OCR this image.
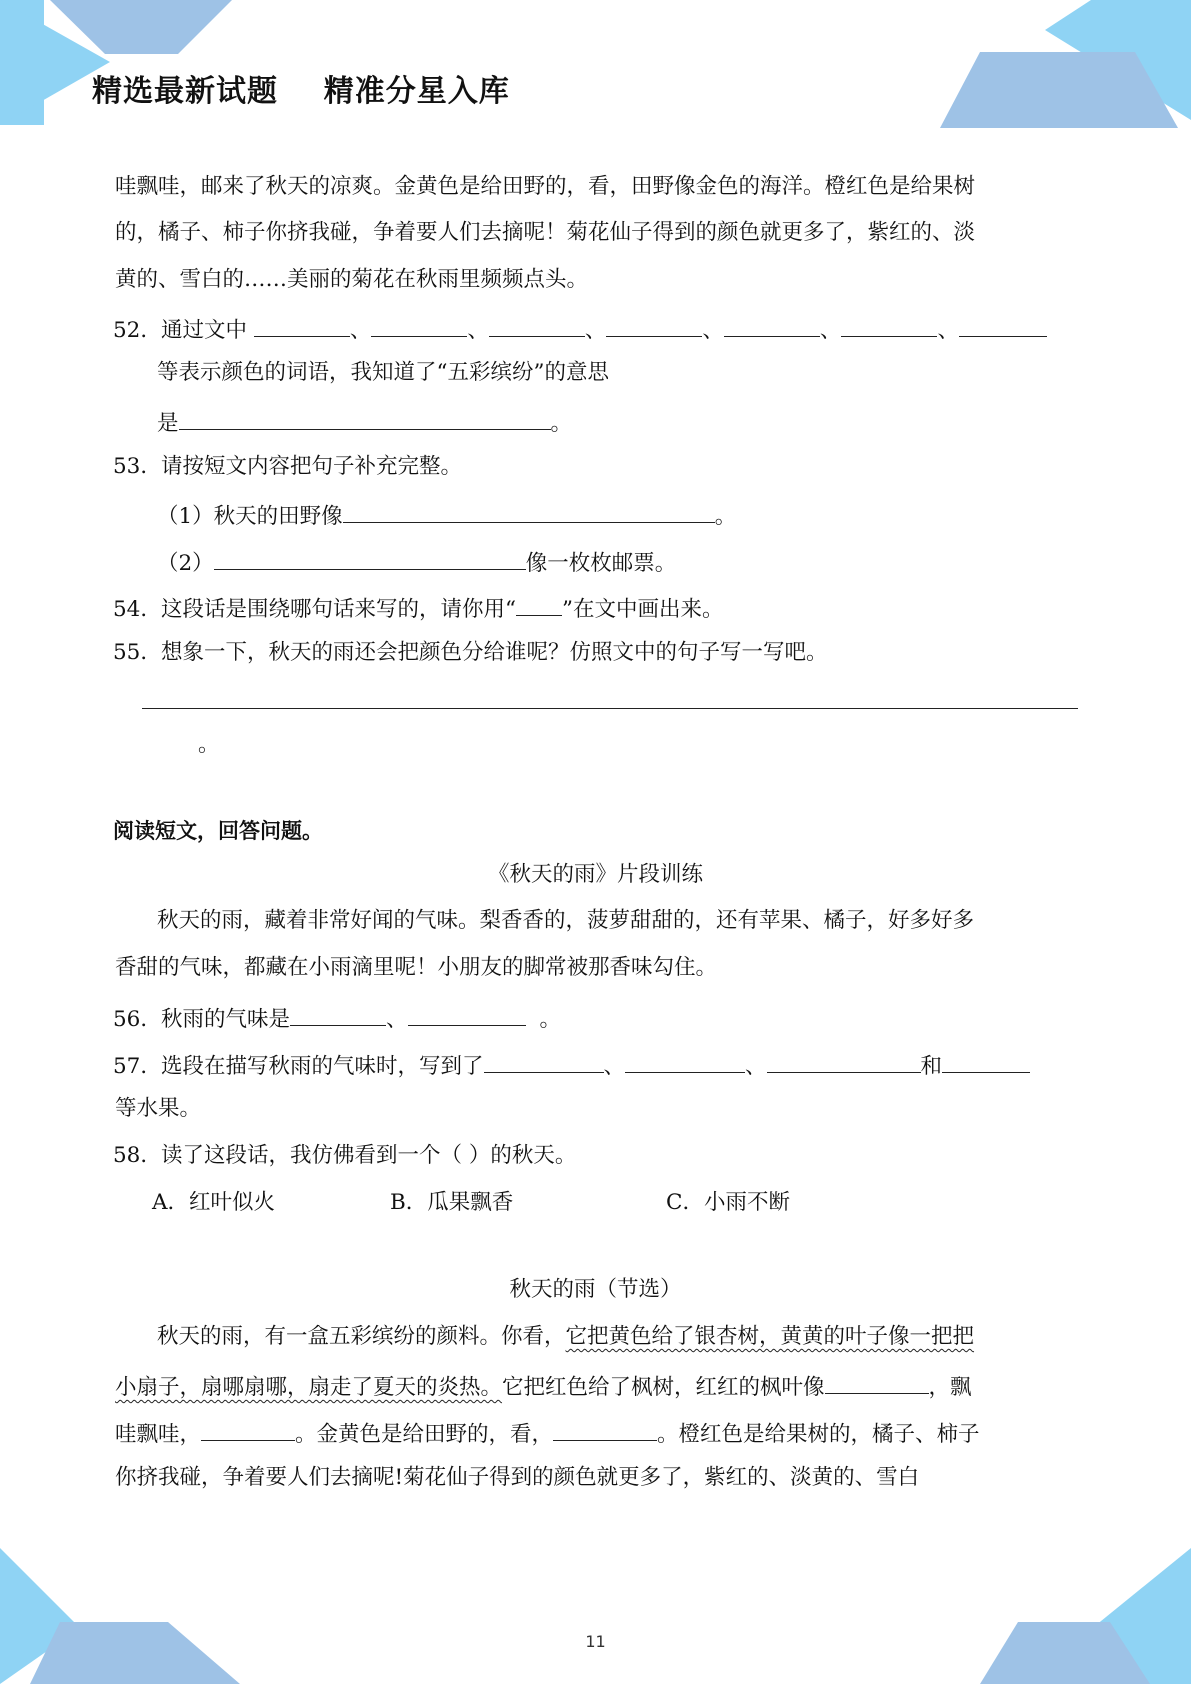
精选最新试题    精准分星入库
哇飘哇，邮来了秋天的凉爽。金黄色是给田野的，看，田野像金色的海洋。橙红色是给果树
的，橘子、柿子你挤我碰，争着要人们去摘呢！菊花仙子得到的颜色就更多了，紫红的、淡
黄的、雪白的……美丽的菊花在秋雨里频频点头。
52．通过文中	、	、	、	、	、	、
等表示颜色的词语，我知道了“五彩缤纷”的意思
是	。
53．请按短文内容把句子补充完整。
（1）秋天的田野像	。
（2）	像一枚枚邮票。
54．这段话是围绕哪句话来写的，请你用“ ”在文中画出来。
55．想象一下，秋天的雨还会把颜色分给谁呢？仿照文中的句子写一写吧。
。
阅读短文，回答问题。
《秋天的雨》片段训练
秋天的雨，藏着非常好闻的气味。梨香香的，菠萝甜甜的，还有苹果、橘子，好多好多
香甜的气味，都藏在小雨滴里呢！小朋友的脚常被那香味勾住。
56．秋雨的气味是	、	。
57．选段在描写秋雨的气味时，写到了	、	、	和
等水果。
58．读了这段话，我仿佛看到一个（ ）的秋天。
A．红叶似火	B．瓜果飘香	C．小雨不断
秋天的雨（节选）
秋天的雨，有一盒五彩缤纷的颜料。你看，它把黄色给了银杏树，黄黄的叶子像一把把
小扇子，扇哪扇哪，扇走了夏天的炎热。它把红色给了枫树，红红的枫叶像	，飘
哇飘哇，	。金黄色是给田野的，看，	。橙红色是给果树的，橘子、柿子
你挤我碰，争着要人们去摘呢!菊花仙子得到的颜色就更多了，紫红的、淡黄的、雪白
11
